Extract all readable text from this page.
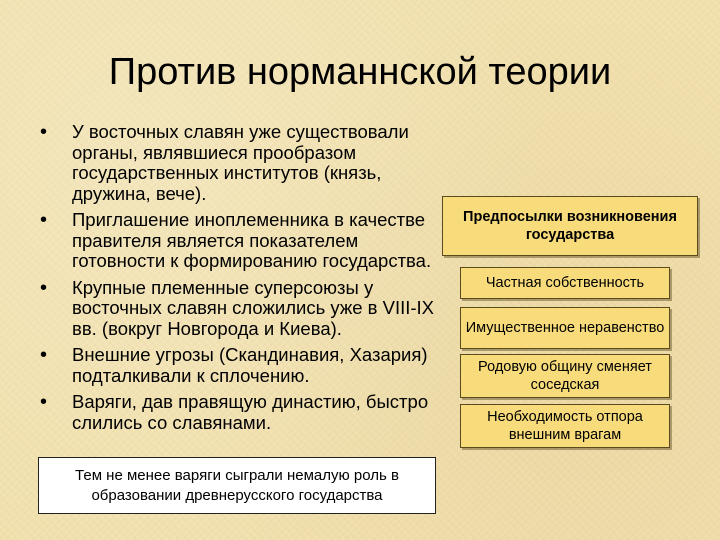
Против норманнской теории
•	У восточных славян уже существовали органы, являвшиеся прообразом государственных институтов (князь, дружина, вече).
•	Приглашение иноплеменника в качестве правителя является показателем готовности к формированию государства.
•	Крупные племенные суперсоюзы у восточных славян сложились уже в VIII-IX вв. (вокруг Новгорода и Киева).
•	Внешние угрозы (Скандинавия, Хазария) подталкивали к сплочению.
•	Варяги, дав правящую династию, быстро слились со славянами.
Предпосылки возникновения государства
Частная собственность
Имущественное неравенство
Родовую общину сменяет соседская
Необходимость отпора внешним врагам
Тем не менее варяги сыграли немалую роль в образовании древнерусского государства
